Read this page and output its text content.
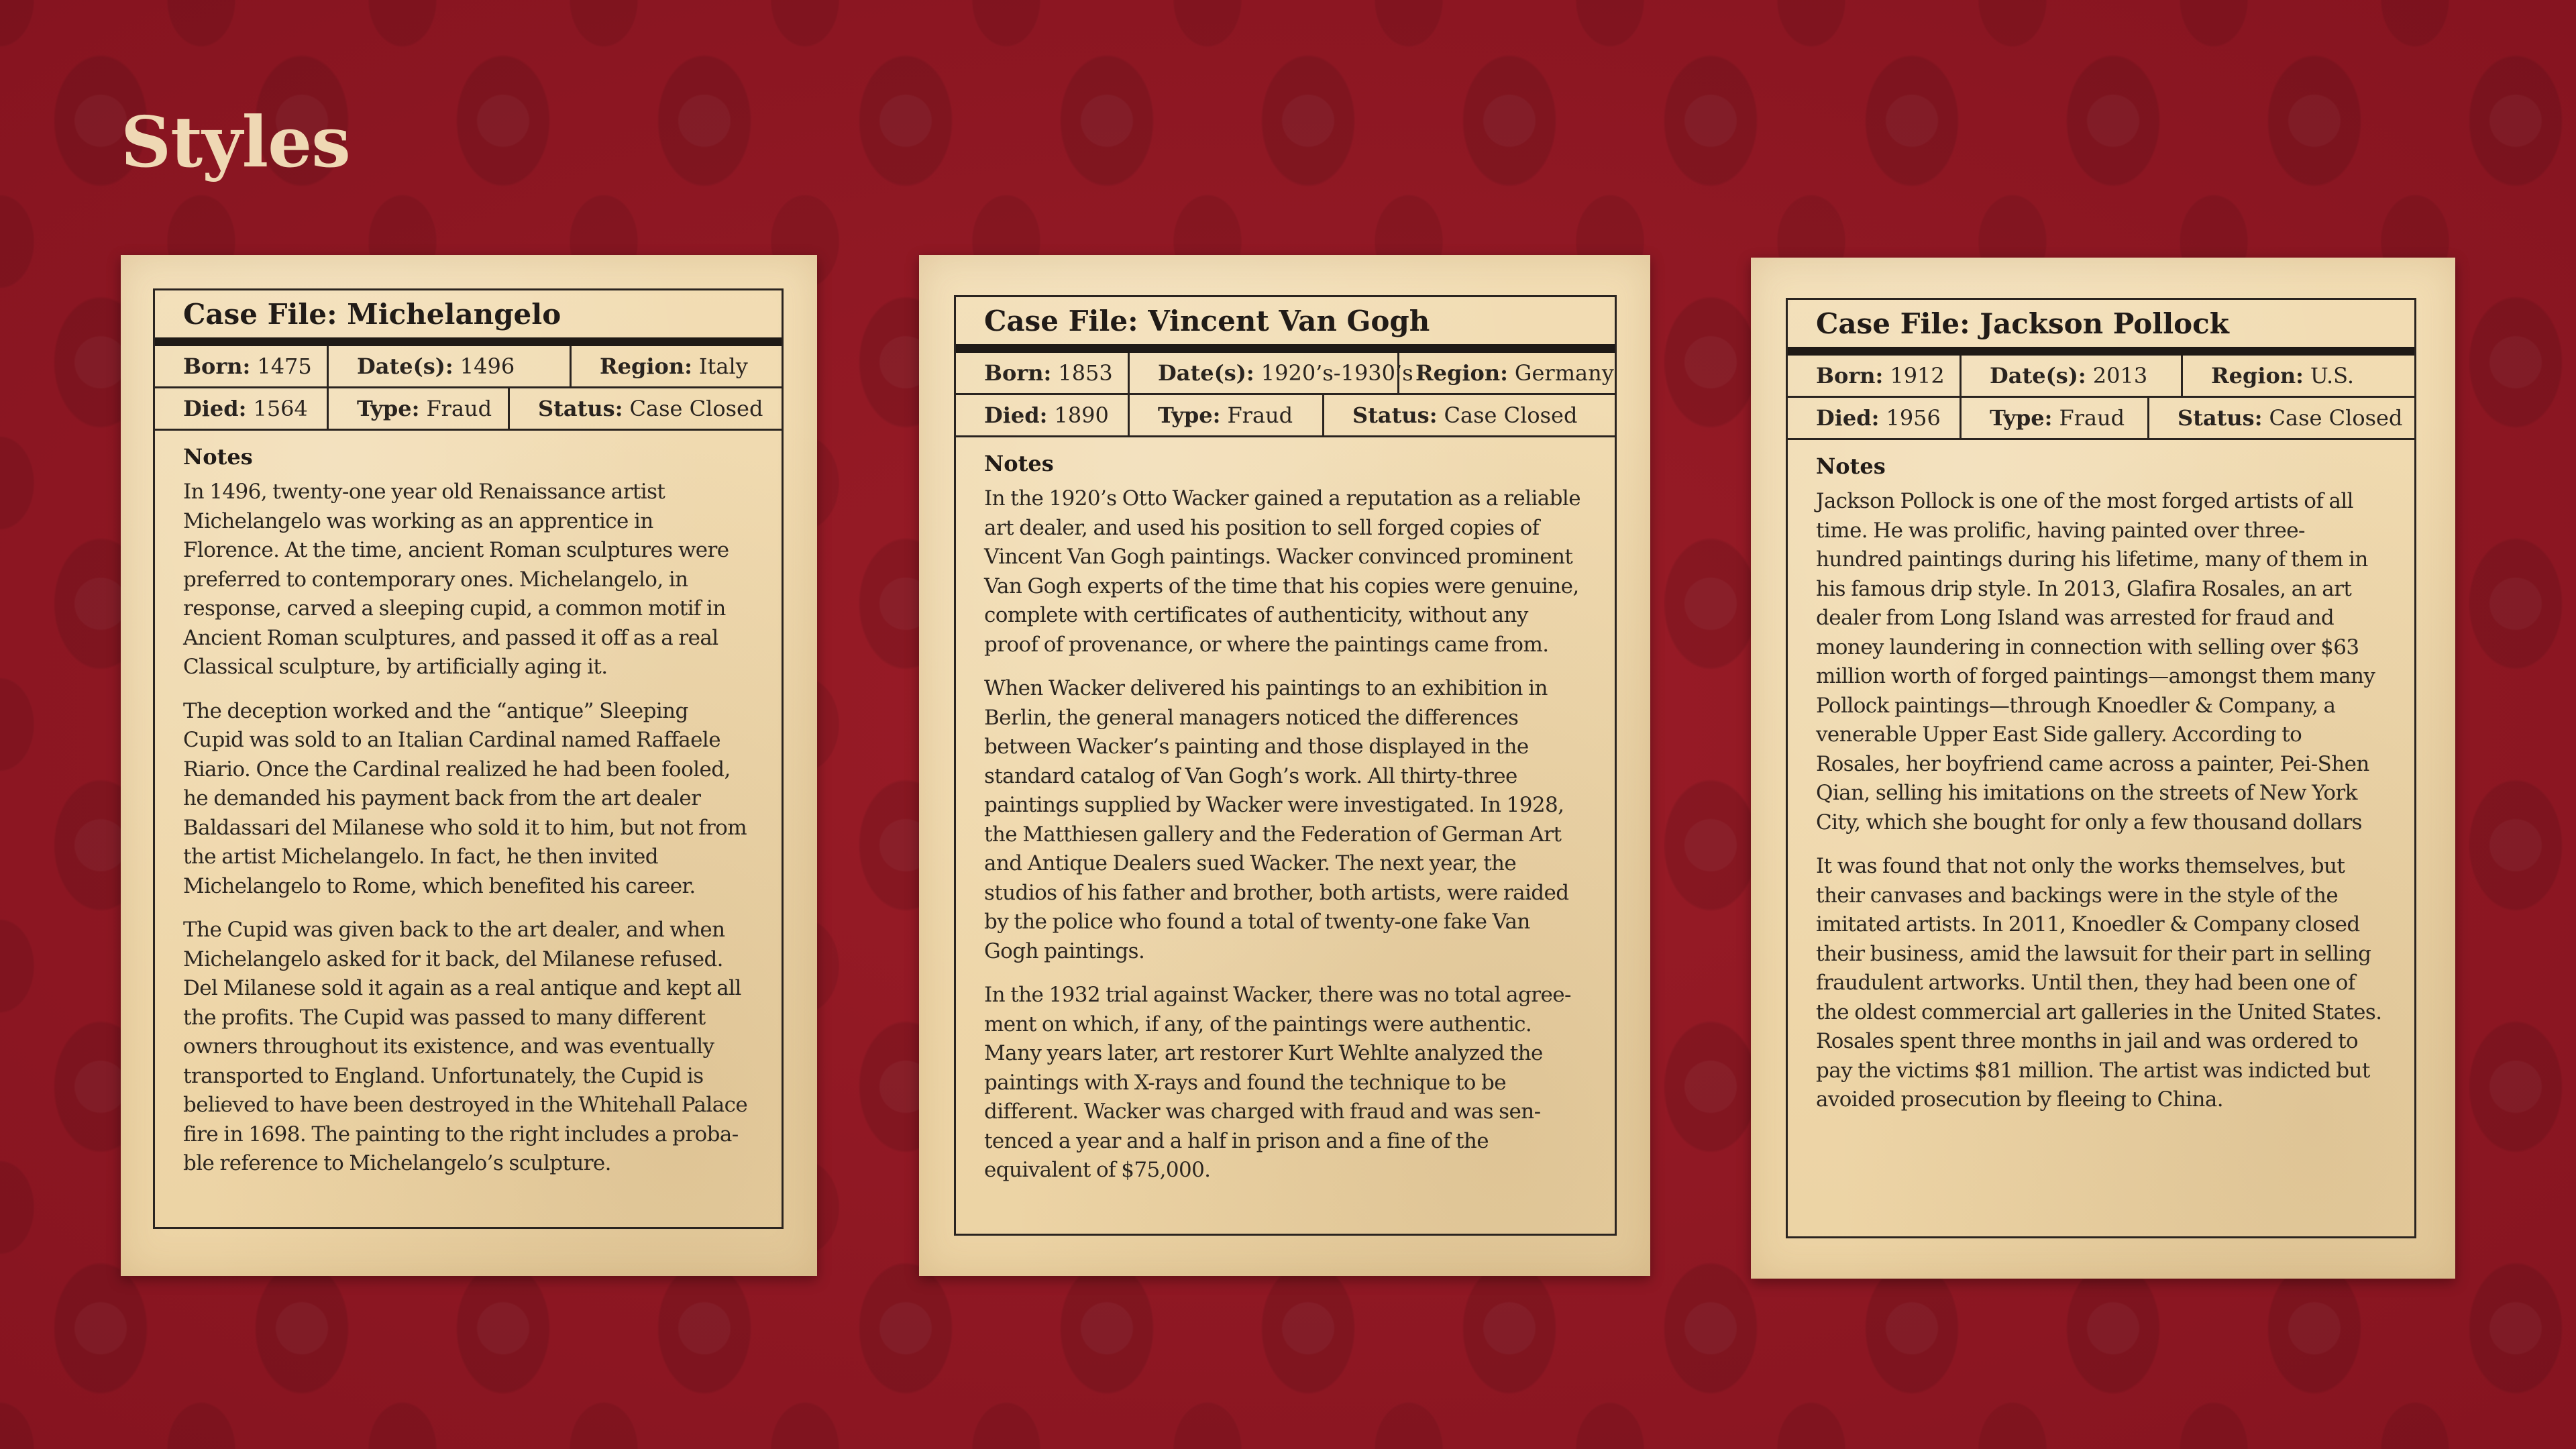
Styles
Case File: Michelangelo
Born: 1475 Date(s): 1496	Region: Italy
Died: 1564 Type: Fraud Status: Case Closed
Notes

In 1496, twenty-one year old Renaissance artist Michelangelo was working as an apprentice in Florence. At the time, ancient Roman sculptures were preferred to contemporary ones. Michelangelo, in response, carved a sleeping cupid, a common motif in Ancient Roman sculptures, and passed it off as a real Classical sculpture, by artificially aging it.

The deception worked and the “antique” Sleeping Cupid was sold to an Italian Cardinal named Raffaele Riario. Once the Cardinal realized he had been fooled, he demanded his payment back from the art dealer Baldassari del Milanese who sold it to him, but not from the artist Michelangelo. In fact, he then invited Michelangelo to Rome, which benefited his career.

The Cupid was given back to the art dealer, and when Michelangelo asked for it back, del Milanese refused. Del Milanese sold it again as a real antique and kept all the profits. The Cupid was passed to many different owners throughout its existence, and was eventually transported to England. Unfortunately, the Cupid is believed to have been destroyed in the Whitehall Palace fire in 1698. The painting to the right includes a proba-ble reference to Michelangelo’s sculpture.

Case File: Vincent Van Gogh
Born: 1853 Date(s): 1920’s-1930’s Region: Germany
Died: 1890 Type: Fraud	Status: Case Closed
Notes

In the 1920’s Otto Wacker gained a reputation as a reliable art dealer, and used his position to sell forged copies of Vincent Van Gogh paintings. Wacker convinced prominent Van Gogh experts of the time that his copies were genuine, complete with certificates of authenticity, without any proof of provenance, or where the paintings came from.

When Wacker delivered his paintings to an exhibition in Berlin, the general managers noticed the differences between Wacker’s painting and those displayed in the standard catalog of Van Gogh’s work. All thirty-three paintings supplied by Wacker were investigated. In 1928, the Matthiesen gallery and the Federation of German Art and Antique Dealers sued Wacker. The next year, the studios of his father and brother, both artists, were raided by the police who found a total of twenty-one fake Van Gogh paintings.

In the 1932 trial against Wacker, there was no total agree-ment on which, if any, of the paintings were authentic. Many years later, art restorer Kurt Wehlte analyzed the paintings with X-rays and found the technique to be different. Wacker was charged with fraud and was sen-tenced a year and a half in prison and a fine of the equivalent of $75,000.

Case File: Jackson Pollock
Born: 1912 Date(s): 2013	Region: U.S.
Died: 1956 Type: Fraud Status: Case Closed
Notes

Jackson Pollock is one of the most forged artists of all time. He was prolific, having painted over three-hundred paintings during his lifetime, many of them in his famous drip style. In 2013, Glafira Rosales, an art dealer from Long Island was arrested for fraud and money laundering in connection with selling over $63 million worth of forged paintings—amongst them many Pollock paintings—through Knoedler & Company, a venerable Upper East Side gallery. According to Rosales, her boyfriend came across a painter, Pei-Shen Qian, selling his imitations on the streets of New York City, which she bought for only a few thousand dollars

It was found that not only the works themselves, but their canvases and backings were in the style of the imitated artists. In 2011, Knoedler & Company closed their business, amid the lawsuit for their part in selling fraudulent artworks. Until then, they had been one of the oldest commercial art galleries in the United States. Rosales spent three months in jail and was ordered to pay the victims $81 million. The artist was indicted but avoided prosecution by fleeing to China.
